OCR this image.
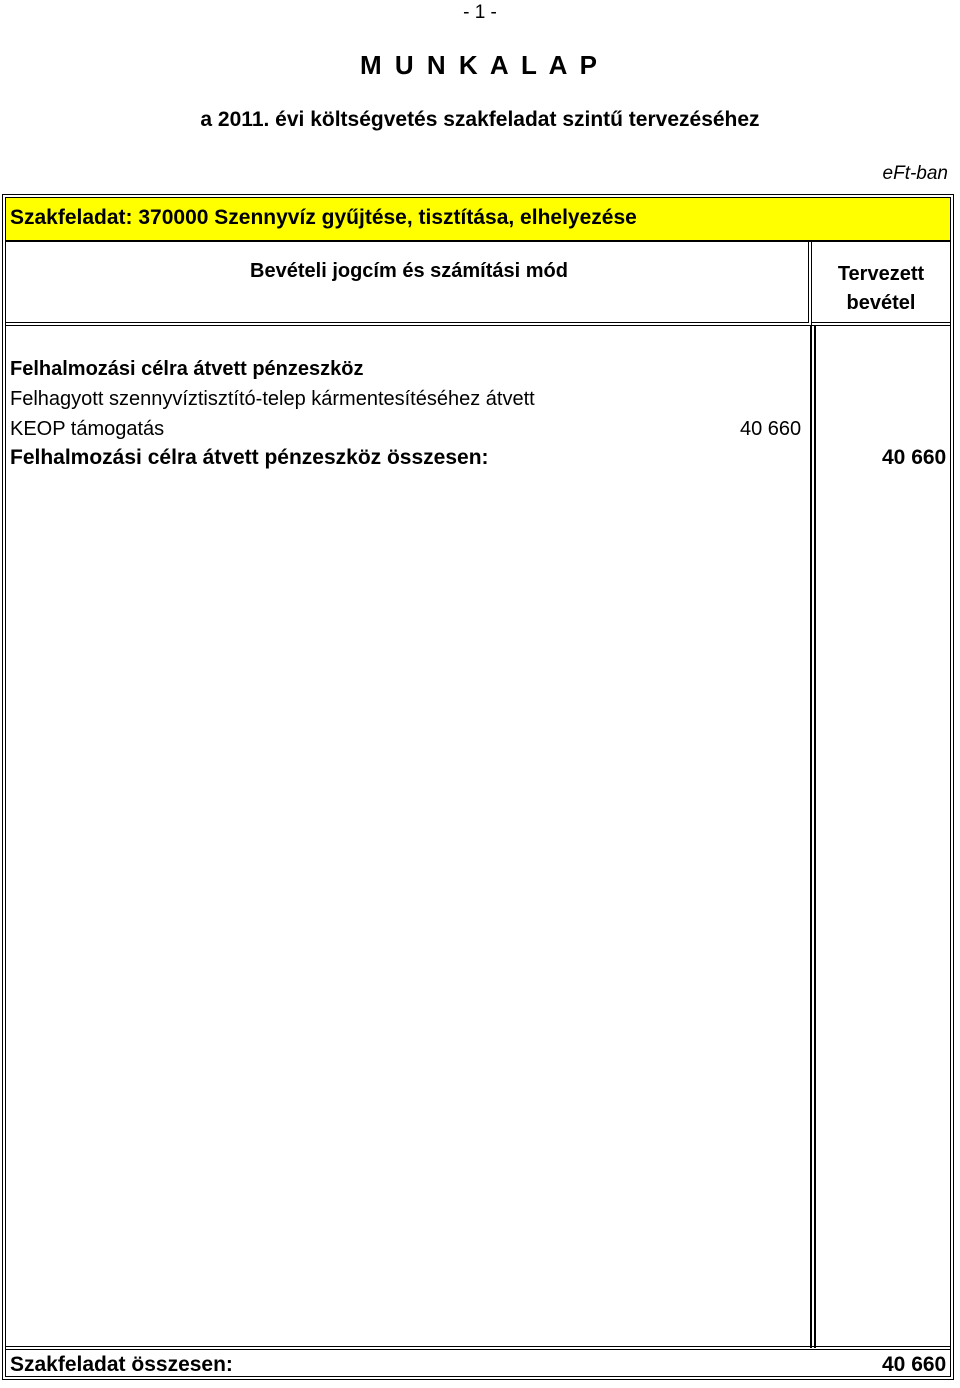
- 1 -
M U N K A L A P
a 2011. évi költségvetés szakfeladat szintű tervezéséhez
eFt-ban
Szakfeladat: 370000 Szennyvíz gyűjtése, tisztítása, elhelyezése
Bevételi jogcím és számítási mód	Tervezett bevétel
Felhalmozási célra átvett pénzeszköz
Felhagyott szennyvíztisztító-telep kármentesítéséhez átvett
KEOP támogatás	40 660
Felhalmozási célra átvett pénzeszköz összesen:	40 660
Szakfeladat összesen:	40 660
